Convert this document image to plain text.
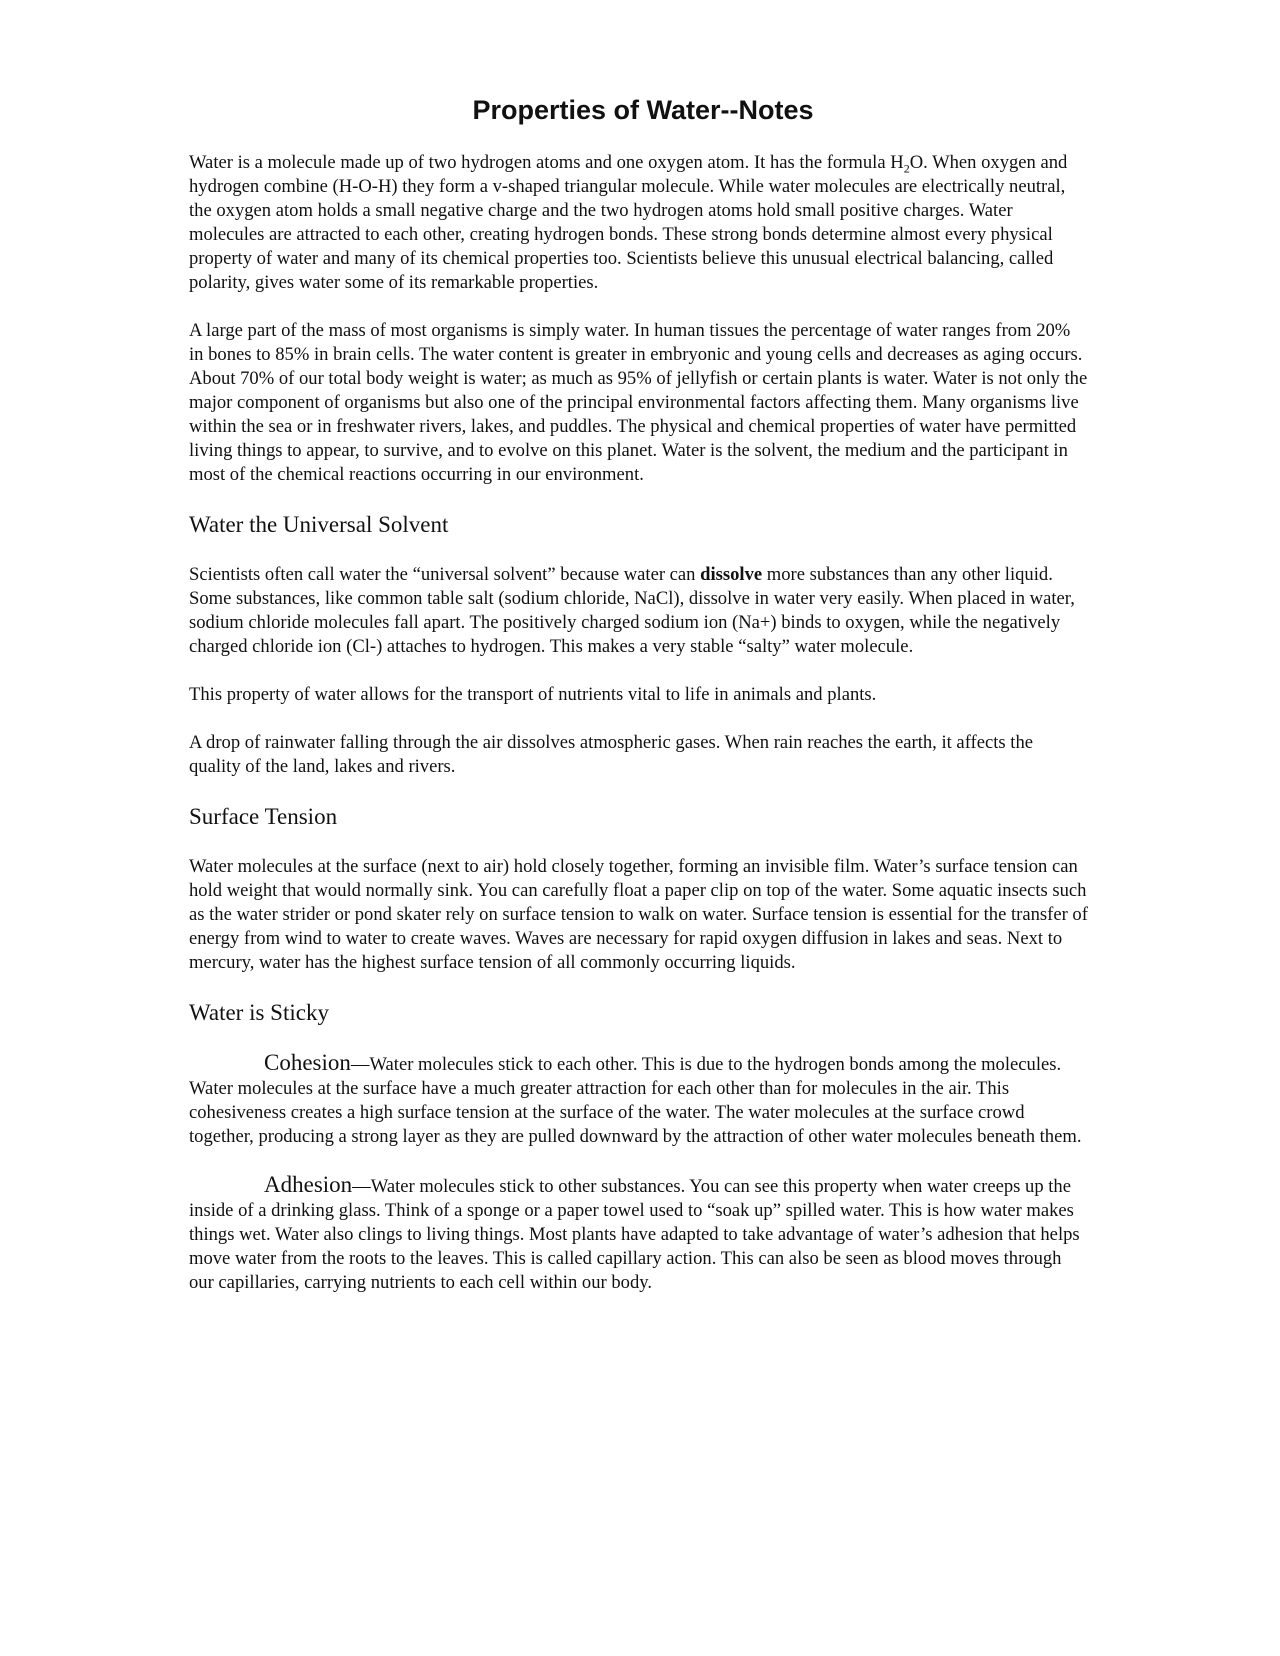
Properties of Water--Notes

Water is a molecule made up of two hydrogen atoms and one oxygen atom. It has the formula $H_2O$. When oxygen and hydrogen combine (H-O-H) they form a v-shaped triangular molecule. While water molecules are electrically neutral, the oxygen atom holds a small negative charge and the two hydrogen atoms hold small positive charges. Water molecules are attracted to each other, creating hydrogen bonds. These strong bonds determine almost every physical property of water and many of its chemical properties too. Scientists believe this unusual electrical balancing, called polarity, gives water some of its remarkable properties.

A large part of the mass of most organisms is simply water. In human tissues the percentage of water ranges from 20% in bones to 85% in brain cells. The water content is greater in embryonic and young cells and decreases as aging occurs. About 70% of our total body weight is water; as much as 95% of jellyfish or certain plants is water. Water is not only the major component of organisms but also one of the principal environmental factors affecting them. Many organisms live within the sea or in freshwater rivers, lakes, and puddles. The physical and chemical properties of water have permitted living things to appear, to survive, and to evolve on this planet. Water is the solvent, the medium and the participant in most of the chemical reactions occurring in our environment.

Water the Universal Solvent

Scientists often call water the “universal solvent” because water can dissolve more substances than any other liquid. Some substances, like common table salt (sodium chloride, NaCl), dissolve in water very easily. When placed in water, sodium chloride molecules fall apart. The positively charged sodium ion (Na+) binds to oxygen, while the negatively charged chloride ion (Cl-) attaches to hydrogen. This makes a very stable “salty” water molecule.

This property of water allows for the transport of nutrients vital to life in animals and plants.

A drop of rainwater falling through the air dissolves atmospheric gases. When rain reaches the earth, it affects the quality of the land, lakes and rivers.

Surface Tension

Water molecules at the surface (next to air) hold closely together, forming an invisible film. Water’s surface tension can hold weight that would normally sink. You can carefully float a paper clip on top of the water. Some aquatic insects such as the water strider or pond skater rely on surface tension to walk on water. Surface tension is essential for the transfer of energy from wind to water to create waves. Waves are necessary for rapid oxygen diffusion in lakes and seas. Next to mercury, water has the highest surface tension of all commonly occurring liquids.

Water is Sticky

Cohesion—Water molecules stick to each other. This is due to the hydrogen bonds among the molecules. Water molecules at the surface have a much greater attraction for each other than for molecules in the air. This cohesiveness creates a high surface tension at the surface of the water. The water molecules at the surface crowd together, producing a strong layer as they are pulled downward by the attraction of other water molecules beneath them.

Adhesion—Water molecules stick to other substances. You can see this property when water creeps up the inside of a drinking glass. Think of a sponge or a paper towel used to “soak up” spilled water. This is how water makes things wet. Water also clings to living things. Most plants have adapted to take advantage of water’s adhesion that helps move water from the roots to the leaves. This is called capillary action. This can also be seen as blood moves through our capillaries, carrying nutrients to each cell within our body.
